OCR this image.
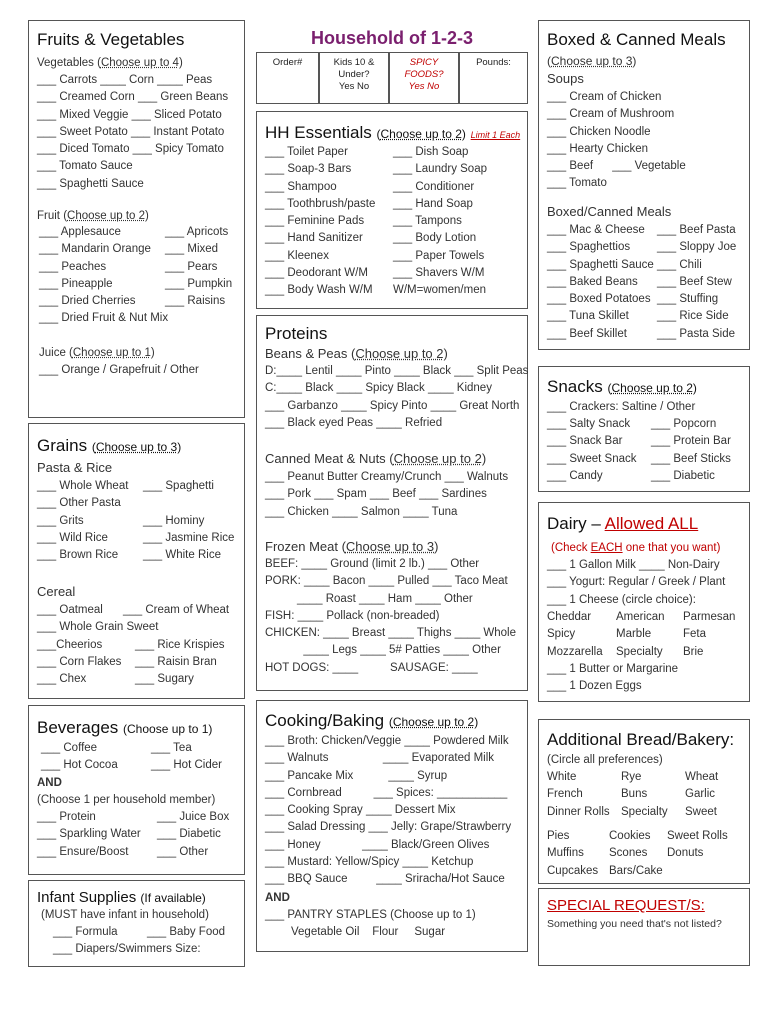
Fruits & Vegetables
Vegetables (Choose up to 4)
___ Carrots ____ Corn ____ Peas
___ Creamed Corn ___ Green Beans
___ Mixed Veggie ___ Sliced Potato
___ Sweet Potato ___ Instant Potato
___ Diced Tomato ___ Spicy Tomato
___ Tomato Sauce
___ Spaghetti Sauce
Fruit (Choose up to 2)
___ Applesauce
___ Mandarin Orange
___ Peaches
___ Pineapple
___ Dried Cherries
___ Dried Fruit & Nut Mix
___ Apricots
___ Mixed
___ Pears
___ Pumpkin
___ Raisins
Juice (Choose up to 1)
___ Orange / Grapefruit / Other
Grains (Choose up to 3)
Pasta & Rice
___ Whole Wheat
___ Other Pasta
___ Grits
___ Wild Rice
___ Brown Rice
___ Spaghetti

___ Hominy
___ Jasmine Rice
___ White Rice
Cereal
___ Oatmeal
___ Whole Grain Sweet
___Cheerios
___ Corn Flakes
___ Chex
___ Cream of Wheat
___ Rice Krispies
___ Raisin Bran
___ Sugary
Beverages (Choose up to 1)
___ Coffee
___ Hot Cocoa
___ Tea
___ Hot Cider
AND
(Choose 1 per household member)
___ Protein
___ Sparkling Water
___ Ensure/Boost
___ Juice Box
___ Diabetic
___ Other
Infant Supplies (If available)
(MUST have infant in household)
___ Formula	___ Baby Food
___ Diapers/Swimmers Size:
Household of 1-2-3
Order#	Kids 10 &
Under?
Yes No
SPICY
FOODS?
Yes No
Pounds:
HH Essentials (Choose up to 2) Limit 1 Each
___ Toilet Paper
___ Soap-3 Bars
___ Shampoo
___ Toothbrush/paste
___ Feminine Pads
___ Hand Sanitizer
___ Kleenex
___ Deodorant W/M
___ Body Wash W/M
___ Dish Soap
___ Laundry Soap
___ Conditioner
___ Hand Soap
___ Tampons
___ Body Lotion
___ Paper Towels
___ Shavers W/M
W/M=women/men
Proteins
Beans & Peas (Choose up to 2)
D:____ Lentil ____ Pinto ____ Black ___ Split Peas
C:____ Black ____ Spicy Black ____ Kidney
___ Garbanzo ____ Spicy Pinto ____ Great North
___ Black eyed Peas ____ Refried
Canned Meat & Nuts (Choose up to 2)
___ Peanut Butter Creamy/Crunch ___ Walnuts
___ Pork ___ Spam ___ Beef ___ Sardines
___ Chicken ____ Salmon ____ Tuna
Frozen Meat (Choose up to 3)
BEEF: ____ Ground (limit 2 lb.) ___ Other
PORK: ____ Bacon ____ Pulled ___ Taco Meat
____ Roast ____ Ham ____ Other
FISH: ____ Pollack (non-breaded)
CHICKEN: ____ Breast ____ Thighs ____ Whole
____ Legs ____ 5# Patties ____ Other
HOT DOGS: ____          SAUSAGE: ____
Cooking/Baking (Choose up to 2)
___ Broth: Chicken/Veggie ____ Powdered Milk
___ Walnuts                 ____ Evaporated Milk
___ Pancake Mix           ____ Syrup
___ Cornbread          ___ Spices: ___________
___ Cooking Spray ____ Dessert Mix
___ Salad Dressing ___ Jelly: Grape/Strawberry
___ Honey             ____ Black/Green Olives
___ Mustard: Yellow/Spicy ____ Ketchup
___ BBQ Sauce         ____ Sriracha/Hot Sauce
AND
___ PANTRY STAPLES (Choose up to 1)
Vegetable Oil    Flour     Sugar
Boxed & Canned Meals
(Choose up to 3)
Soups
___ Cream of Chicken
___ Cream of Mushroom
___ Chicken Noodle
___ Hearty Chicken
___ Beef      ___ Vegetable
___ Tomato
Boxed/Canned Meals
___ Mac & Cheese
___ Spaghettios
___ Spaghetti Sauce
___ Baked Beans
___ Boxed Potatoes
___ Tuna Skillet
___ Beef Skillet
___ Beef Pasta
___ Sloppy Joe
___ Chili
___ Beef Stew
___ Stuffing
___ Rice Side
___ Pasta Side
Snacks (Choose up to 2)
___ Crackers: Saltine / Other
___ Salty Snack
___ Snack Bar
___ Sweet Snack
___ Candy
___ Popcorn
___ Protein Bar
___ Beef Sticks
___ Diabetic
Dairy – Allowed ALL
(Check EACH one that you want)
___ 1 Gallon Milk ____ Non-Dairy
___ Yogurt: Regular / Greek / Plant
___ 1 Cheese (circle choice):
Cheddar
Spicy
Mozzarella
American
Marble
Specialty
Parmesan
Feta
Brie
___ 1 Butter or Margarine
___ 1 Dozen Eggs
Additional Bread/Bakery:
(Circle all preferences)
White
French
Dinner Rolls
Rye
Buns
Specialty
Wheat
Garlic
Sweet
Pies
Muffins
Cupcakes
Cookies
Scones
Bars/Cake
Sweet Rolls
Donuts
SPECIAL REQUEST/S:
Something you need that's not listed?
